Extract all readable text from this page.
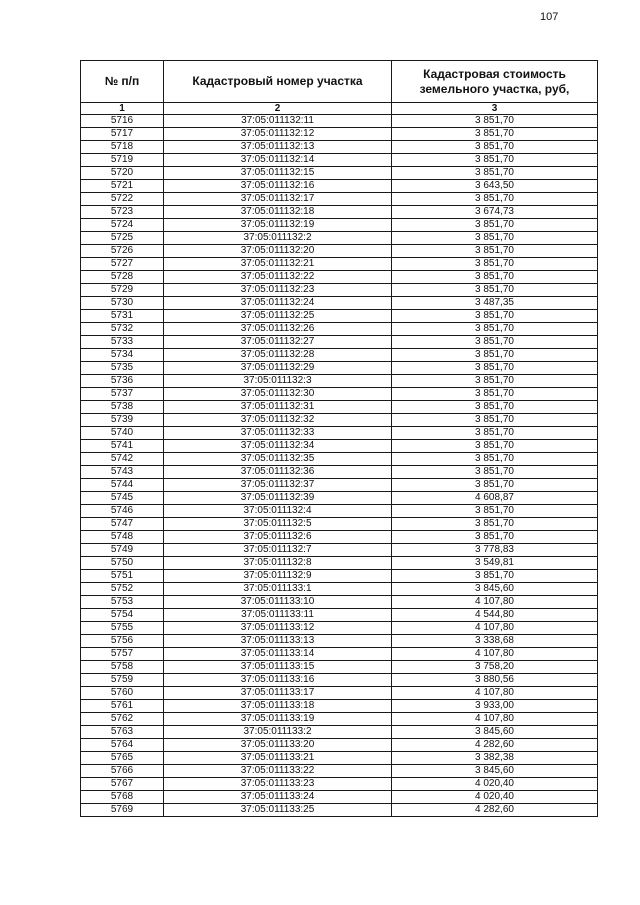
107
№ п/п	Кадастровый номер участка	Кадастровая стоимость земельного участка, руб,
1	2	3
5716	37:05:011132:11	3 851,70
5717	37:05:011132:12	3 851,70
5718	37:05:011132:13	3 851,70
5719	37:05:011132:14	3 851,70
5720	37:05:011132:15	3 851,70
5721	37:05:011132:16	3 643,50
5722	37:05:011132:17	3 851,70
5723	37:05:011132:18	3 674,73
5724	37:05:011132:19	3 851,70
5725	37:05:011132:2	3 851,70
5726	37:05:011132:20	3 851,70
5727	37:05:011132:21	3 851,70
5728	37:05:011132:22	3 851,70
5729	37:05:011132:23	3 851,70
5730	37:05:011132:24	3 487,35
5731	37:05:011132:25	3 851,70
5732	37:05:011132:26	3 851,70
5733	37:05:011132:27	3 851,70
5734	37:05:011132:28	3 851,70
5735	37:05:011132:29	3 851,70
5736	37:05:011132:3	3 851,70
5737	37:05:011132:30	3 851,70
5738	37:05:011132:31	3 851,70
5739	37:05:011132:32	3 851,70
5740	37:05:011132:33	3 851,70
5741	37:05:011132:34	3 851,70
5742	37:05:011132:35	3 851,70
5743	37:05:011132:36	3 851,70
5744	37:05:011132:37	3 851,70
5745	37:05:011132:39	4 608,87
5746	37:05:011132:4	3 851,70
5747	37:05:011132:5	3 851,70
5748	37:05:011132:6	3 851,70
5749	37:05:011132:7	3 778,83
5750	37:05:011132:8	3 549,81
5751	37:05:011132:9	3 851,70
5752	37:05:011133:1	3 845,60
5753	37:05:011133:10	4 107,80
5754	37:05:011133:11	4 544,80
5755	37:05:011133:12	4 107,80
5756	37:05:011133:13	3 338,68
5757	37:05:011133:14	4 107,80
5758	37:05:011133:15	3 758,20
5759	37:05:011133:16	3 880,56
5760	37:05:011133:17	4 107,80
5761	37:05:011133:18	3 933,00
5762	37:05:011133:19	4 107,80
5763	37:05:011133:2	3 845,60
5764	37:05:011133:20	4 282,60
5765	37:05:011133:21	3 382,38
5766	37:05:011133:22	3 845,60
5767	37:05:011133:23	4 020,40
5768	37:05:011133:24	4 020,40
5769	37:05:011133:25	4 282,60
